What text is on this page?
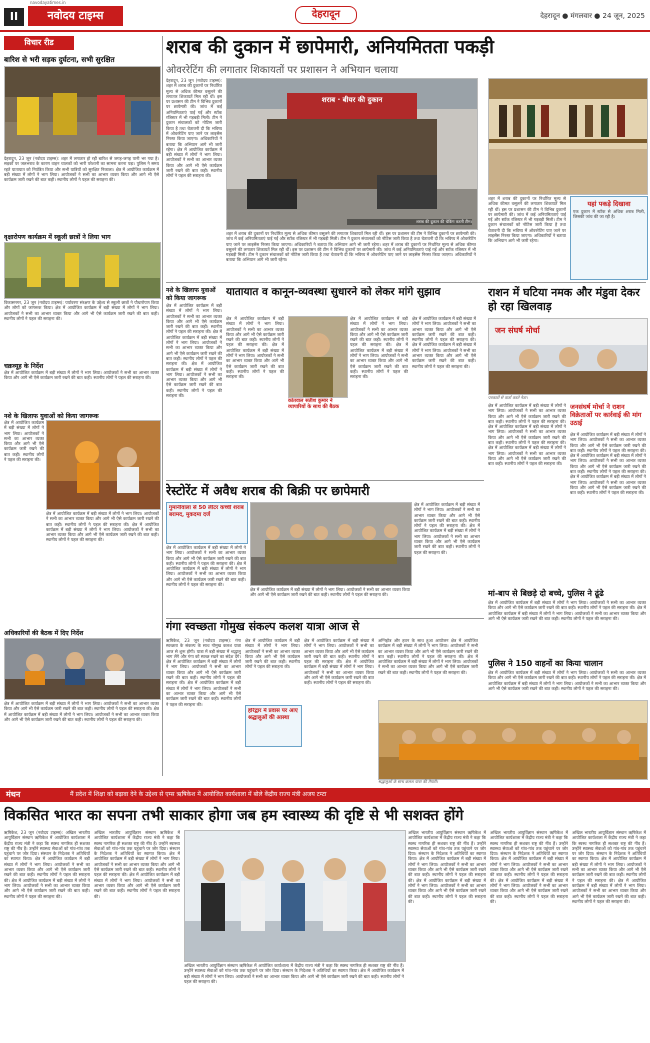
II	नवोदय टाइम्स
navodayatimes.in
देहरादून	देहरादून ● मंगलवार ● 24 जून, 2025
विचार रीड
बारिश से भरी सड़क दुर्घटना, सभी सुरक्षित
देहरादून, 23 जून (नवोदय टाइम्स): शहर में लगातार हो रही बारिश से जगह-जगह पानी भर गया है। सड़कों पर जलभराव के कारण वाहन चालकों को भारी परेशानी का सामना करना पड़ा। पुलिस ने समय रहते यातायात को नियंत्रित किया और सभी यात्रियों को सुरक्षित निकाला। क्षेत्र में आयोजित कार्यक्रम में बड़ी संख्या में लोगों ने भाग लिया। आयोजकों ने सभी का आभार व्यक्त किया और आगे भी ऐसे कार्यक्रम जारी रखने की बात कही। स्थानीय लोगों ने पहल की सराहना की।
वृक्षारोपण कार्यक्रम में स्कूली छात्रों ने लिया भाग
विकासनगर, 23 जून (नवोदय टाइम्स): पर्यावरण संरक्षण के उद्देश्य से स्कूली छात्रों ने पौधारोपण किया और लोगों को जागरूक किया। क्षेत्र में आयोजित कार्यक्रम में बड़ी संख्या में लोगों ने भाग लिया। आयोजकों ने सभी का आभार व्यक्त किया और आगे भी ऐसे कार्यक्रम जारी रखने की बात कही। स्थानीय लोगों ने पहल की सराहना की।
चक्रव्यूह के निर्देश
क्षेत्र में आयोजित कार्यक्रम में बड़ी संख्या में लोगों ने भाग लिया। आयोजकों ने सभी का आभार व्यक्त किया और आगे भी ऐसे कार्यक्रम जारी रखने की बात कही। स्थानीय लोगों ने पहल की सराहना की।
नशे के खिलाफ युवाओं को किया जागरूक
क्षेत्र में आयोजित कार्यक्रम में बड़ी संख्या में लोगों ने भाग लिया। आयोजकों ने सभी का आभार व्यक्त किया और आगे भी ऐसे कार्यक्रम जारी रखने की बात कही। स्थानीय लोगों ने पहल की सराहना की।
क्षेत्र में आयोजित कार्यक्रम में बड़ी संख्या में लोगों ने भाग लिया। आयोजकों ने सभी का आभार व्यक्त किया और आगे भी ऐसे कार्यक्रम जारी रखने की बात कही। स्थानीय लोगों ने पहल की सराहना की। क्षेत्र में आयोजित कार्यक्रम में बड़ी संख्या में लोगों ने भाग लिया। आयोजकों ने सभी का आभार व्यक्त किया और आगे भी ऐसे कार्यक्रम जारी रखने की बात कही। स्थानीय लोगों ने पहल की सराहना की।
अधिकारियों की बैठक में दिए निर्देश
क्षेत्र में आयोजित कार्यक्रम में बड़ी संख्या में लोगों ने भाग लिया। आयोजकों ने सभी का आभार व्यक्त किया और आगे भी ऐसे कार्यक्रम जारी रखने की बात कही। स्थानीय लोगों ने पहल की सराहना की। क्षेत्र में आयोजित कार्यक्रम में बड़ी संख्या में लोगों ने भाग लिया। आयोजकों ने सभी का आभार व्यक्त किया और आगे भी ऐसे कार्यक्रम जारी रखने की बात कही। स्थानीय लोगों ने पहल की सराहना की।
शराब की दुकान में छापेमारी, अनियमितता पकड़ी
ओवररेटिंग की लगातार शिकायतों पर प्रशासन ने अभियान चलाया
देहरादून, 23 जून (नवोदय टाइम्स): शहर में शराब की दुकानों पर निर्धारित मूल्य से अधिक कीमत वसूलने की लगातार शिकायतें मिल रही थीं। इस पर प्रशासन की टीम ने विभिन्न दुकानों पर छापेमारी की। जांच में कई अनियमितताएं पाई गईं और स्टॉक रजिस्टर में भी गड़बड़ी मिली। टीम ने दुकान संचालकों को नोटिस जारी किया है तथा चेतावनी दी कि भविष्य में ओवररेटिंग पाए जाने पर लाइसेंस निरस्त किया जाएगा। अधिकारियों ने बताया कि अभियान आगे भी जारी रहेगा। क्षेत्र में आयोजित कार्यक्रम में बड़ी संख्या में लोगों ने भाग लिया। आयोजकों ने सभी का आभार व्यक्त किया और आगे भी ऐसे कार्यक्रम जारी रखने की बात कही। स्थानीय लोगों ने पहल की सराहना की।
शराब · बीयर की दुकान
शराब की दुकान की चेकिंग करती टीम।
शहर में शराब की दुकानों पर निर्धारित मूल्य से अधिक कीमत वसूलने की लगातार शिकायतें मिल रही थीं। इस पर प्रशासन की टीम ने विभिन्न दुकानों पर छापेमारी की। जांच में कई अनियमितताएं पाई गईं और स्टॉक रजिस्टर में भी गड़बड़ी मिली। टीम ने दुकान संचालकों को नोटिस जारी किया है तथा चेतावनी दी कि भविष्य में ओवररेटिंग पाए जाने पर लाइसेंस निरस्त किया जाएगा। अधिकारियों ने बताया कि अभियान आगे भी जारी रहेगा। शहर में शराब की दुकानों पर निर्धारित मूल्य से अधिक कीमत वसूलने की लगातार शिकायतें मिल रही थीं। इस पर प्रशासन की टीम ने विभिन्न दुकानों पर छापेमारी की। जांच में कई अनियमितताएं पाई गईं और स्टॉक रजिस्टर में भी गड़बड़ी मिली। टीम ने दुकान संचालकों को नोटिस जारी किया है तथा चेतावनी दी कि भविष्य में ओवररेटिंग पाए जाने पर लाइसेंस निरस्त किया जाएगा। अधिकारियों ने बताया कि अभियान आगे भी जारी रहेगा।
शहर में शराब की दुकानों पर निर्धारित मूल्य से अधिक कीमत वसूलने की लगातार शिकायतें मिल रही थीं। इस पर प्रशासन की टीम ने विभिन्न दुकानों पर छापेमारी की। जांच में कई अनियमितताएं पाई गईं और स्टॉक रजिस्टर में भी गड़बड़ी मिली। टीम ने दुकान संचालकों को नोटिस जारी किया है तथा चेतावनी दी कि भविष्य में ओवररेटिंग पाए जाने पर लाइसेंस निरस्त किया जाएगा। अधिकारियों ने बताया कि अभियान आगे भी जारी रहेगा।
यहां पकड़े दिखावा
एक दुकान में स्टॉक से अधिक शराब मिली, जिसकी जांच की जा रही है।
नशे के खिलाफ युवाओं को किया जागरूक
क्षेत्र में आयोजित कार्यक्रम में बड़ी संख्या में लोगों ने भाग लिया। आयोजकों ने सभी का आभार व्यक्त किया और आगे भी ऐसे कार्यक्रम जारी रखने की बात कही। स्थानीय लोगों ने पहल की सराहना की। क्षेत्र में आयोजित कार्यक्रम में बड़ी संख्या में लोगों ने भाग लिया। आयोजकों ने सभी का आभार व्यक्त किया और आगे भी ऐसे कार्यक्रम जारी रखने की बात कही। स्थानीय लोगों ने पहल की सराहना की। क्षेत्र में आयोजित कार्यक्रम में बड़ी संख्या में लोगों ने भाग लिया। आयोजकों ने सभी का आभार व्यक्त किया और आगे भी ऐसे कार्यक्रम जारी रखने की बात कही। स्थानीय लोगों ने पहल की सराहना की।
यातायात व कानून-व्यवस्था सुधारने को लेकर मांगे सुझाव
क्षेत्र में आयोजित कार्यक्रम में बड़ी संख्या में लोगों ने भाग लिया। आयोजकों ने सभी का आभार व्यक्त किया और आगे भी ऐसे कार्यक्रम जारी रखने की बात कही। स्थानीय लोगों ने पहल की सराहना की। क्षेत्र में आयोजित कार्यक्रम में बड़ी संख्या में लोगों ने भाग लिया। आयोजकों ने सभी का आभार व्यक्त किया और आगे भी ऐसे कार्यक्रम जारी रखने की बात कही। स्थानीय लोगों ने पहल की सराहना की।
कोतवाल सतीश कुमार ने व्यापारियों के साथ की बैठक
क्षेत्र में आयोजित कार्यक्रम में बड़ी संख्या में लोगों ने भाग लिया। आयोजकों ने सभी का आभार व्यक्त किया और आगे भी ऐसे कार्यक्रम जारी रखने की बात कही। स्थानीय लोगों ने पहल की सराहना की। क्षेत्र में आयोजित कार्यक्रम में बड़ी संख्या में लोगों ने भाग लिया। आयोजकों ने सभी का आभार व्यक्त किया और आगे भी ऐसे कार्यक्रम जारी रखने की बात कही। स्थानीय लोगों ने पहल की सराहना की।
क्षेत्र में आयोजित कार्यक्रम में बड़ी संख्या में लोगों ने भाग लिया। आयोजकों ने सभी का आभार व्यक्त किया और आगे भी ऐसे कार्यक्रम जारी रखने की बात कही। स्थानीय लोगों ने पहल की सराहना की। क्षेत्र में आयोजित कार्यक्रम में बड़ी संख्या में लोगों ने भाग लिया। आयोजकों ने सभी का आभार व्यक्त किया और आगे भी ऐसे कार्यक्रम जारी रखने की बात कही। स्थानीय लोगों ने पहल की सराहना की।
राशन में घटिया नमक और मंडुवा देकर हो रहा खिलवाड़
जन संघर्ष मोर्चा
पत्रकारों से वार्ता करते नेता।
क्षेत्र में आयोजित कार्यक्रम में बड़ी संख्या में लोगों ने भाग लिया। आयोजकों ने सभी का आभार व्यक्त किया और आगे भी ऐसे कार्यक्रम जारी रखने की बात कही। स्थानीय लोगों ने पहल की सराहना की। क्षेत्र में आयोजित कार्यक्रम में बड़ी संख्या में लोगों ने भाग लिया। आयोजकों ने सभी का आभार व्यक्त किया और आगे भी ऐसे कार्यक्रम जारी रखने की बात कही। स्थानीय लोगों ने पहल की सराहना की। क्षेत्र में आयोजित कार्यक्रम में बड़ी संख्या में लोगों ने भाग लिया। आयोजकों ने सभी का आभार व्यक्त किया और आगे भी ऐसे कार्यक्रम जारी रखने की बात कही। स्थानीय लोगों ने पहल की सराहना की।
जनसंघर्ष मोर्चा ने राशन विक्रेताओं पर कार्रवाई की मांग उठाई
क्षेत्र में आयोजित कार्यक्रम में बड़ी संख्या में लोगों ने भाग लिया। आयोजकों ने सभी का आभार व्यक्त किया और आगे भी ऐसे कार्यक्रम जारी रखने की बात कही। स्थानीय लोगों ने पहल की सराहना की। क्षेत्र में आयोजित कार्यक्रम में बड़ी संख्या में लोगों ने भाग लिया। आयोजकों ने सभी का आभार व्यक्त किया और आगे भी ऐसे कार्यक्रम जारी रखने की बात कही। स्थानीय लोगों ने पहल की सराहना की। क्षेत्र में आयोजित कार्यक्रम में बड़ी संख्या में लोगों ने भाग लिया। आयोजकों ने सभी का आभार व्यक्त किया और आगे भी ऐसे कार्यक्रम जारी रखने की बात कही। स्थानीय लोगों ने पहल की सराहना की।
रेस्टोरेंट में अवैध शराब की बिक्री पर छापेमारी
गुमानीवाला से 50 लीटर कच्ची शराब बरामद, मुकदमा दर्ज
क्षेत्र में आयोजित कार्यक्रम में बड़ी संख्या में लोगों ने भाग लिया। आयोजकों ने सभी का आभार व्यक्त किया और आगे भी ऐसे कार्यक्रम जारी रखने की बात कही। स्थानीय लोगों ने पहल की सराहना की। क्षेत्र में आयोजित कार्यक्रम में बड़ी संख्या में लोगों ने भाग लिया। आयोजकों ने सभी का आभार व्यक्त किया और आगे भी ऐसे कार्यक्रम जारी रखने की बात कही। स्थानीय लोगों ने पहल की सराहना की।
क्षेत्र में आयोजित कार्यक्रम में बड़ी संख्या में लोगों ने भाग लिया। आयोजकों ने सभी का आभार व्यक्त किया और आगे भी ऐसे कार्यक्रम जारी रखने की बात कही। स्थानीय लोगों ने पहल की सराहना की।
क्षेत्र में आयोजित कार्यक्रम में बड़ी संख्या में लोगों ने भाग लिया। आयोजकों ने सभी का आभार व्यक्त किया और आगे भी ऐसे कार्यक्रम जारी रखने की बात कही। स्थानीय लोगों ने पहल की सराहना की। क्षेत्र में आयोजित कार्यक्रम में बड़ी संख्या में लोगों ने भाग लिया। आयोजकों ने सभी का आभार व्यक्त किया और आगे भी ऐसे कार्यक्रम जारी रखने की बात कही। स्थानीय लोगों ने पहल की सराहना की।
मां-बाप से बिछड़े दो बच्चे, पुलिस ने ढूंढे
क्षेत्र में आयोजित कार्यक्रम में बड़ी संख्या में लोगों ने भाग लिया। आयोजकों ने सभी का आभार व्यक्त किया और आगे भी ऐसे कार्यक्रम जारी रखने की बात कही। स्थानीय लोगों ने पहल की सराहना की। क्षेत्र में आयोजित कार्यक्रम में बड़ी संख्या में लोगों ने भाग लिया। आयोजकों ने सभी का आभार व्यक्त किया और आगे भी ऐसे कार्यक्रम जारी रखने की बात कही। स्थानीय लोगों ने पहल की सराहना की।
पुलिस ने 150 वाहनों का किया चालान
क्षेत्र में आयोजित कार्यक्रम में बड़ी संख्या में लोगों ने भाग लिया। आयोजकों ने सभी का आभार व्यक्त किया और आगे भी ऐसे कार्यक्रम जारी रखने की बात कही। स्थानीय लोगों ने पहल की सराहना की। क्षेत्र में आयोजित कार्यक्रम में बड़ी संख्या में लोगों ने भाग लिया। आयोजकों ने सभी का आभार व्यक्त किया और आगे भी ऐसे कार्यक्रम जारी रखने की बात कही। स्थानीय लोगों ने पहल की सराहना की।
गंगा स्वच्छता गोमुख संकल्प कलश यात्रा आज से
ऋषिकेश, 23 जून (नवोदय टाइम्स): गंगा स्वच्छता के संकल्प के साथ गोमुख कलश यात्रा आज से शुरू होगी। यात्रा में बड़ी संख्या में श्रद्धालु भाग लेंगे और गंगा को स्वच्छ रखने का संदेश देंगे। क्षेत्र में आयोजित कार्यक्रम में बड़ी संख्या में लोगों ने भाग लिया। आयोजकों ने सभी का आभार व्यक्त किया और आगे भी ऐसे कार्यक्रम जारी रखने की बात कही। स्थानीय लोगों ने पहल की सराहना की। क्षेत्र में आयोजित कार्यक्रम में बड़ी संख्या में लोगों ने भाग लिया। आयोजकों ने सभी का आभार व्यक्त किया और आगे भी ऐसे कार्यक्रम जारी रखने की बात कही। स्थानीय लोगों ने पहल की सराहना की।
हरिद्वार में प्रवास पर आए श्रद्धालुओं की आस्था
क्षेत्र में आयोजित कार्यक्रम में बड़ी संख्या में लोगों ने भाग लिया। आयोजकों ने सभी का आभार व्यक्त किया और आगे भी ऐसे कार्यक्रम जारी रखने की बात कही। स्थानीय लोगों ने पहल की सराहना की।
क्षेत्र में आयोजित कार्यक्रम में बड़ी संख्या में लोगों ने भाग लिया। आयोजकों ने सभी का आभार व्यक्त किया और आगे भी ऐसे कार्यक्रम जारी रखने की बात कही। स्थानीय लोगों ने पहल की सराहना की। क्षेत्र में आयोजित कार्यक्रम में बड़ी संख्या में लोगों ने भाग लिया। आयोजकों ने सभी का आभार व्यक्त किया और आगे भी ऐसे कार्यक्रम जारी रखने की बात कही। स्थानीय लोगों ने पहल की सराहना की।
अग्निहोत्र और हवन के साथ हुआ आयोजन क्षेत्र में आयोजित कार्यक्रम में बड़ी संख्या में लोगों ने भाग लिया। आयोजकों ने सभी का आभार व्यक्त किया और आगे भी ऐसे कार्यक्रम जारी रखने की बात कही। स्थानीय लोगों ने पहल की सराहना की। क्षेत्र में आयोजित कार्यक्रम में बड़ी संख्या में लोगों ने भाग लिया। आयोजकों ने सभी का आभार व्यक्त किया और आगे भी ऐसे कार्यक्रम जारी रखने की बात कही। स्थानीय लोगों ने पहल की सराहना की।
श्रद्धालुओं के साथ कलश यात्रा की तैयारी।
मंथन	मैं प्रदेश में शिक्षा को बढ़ावा देने के उद्देश्य से एम्स ऋषिकेश में आयोजित कार्यशाला में बोले केंद्रीय राज्य मंत्री अजय टम्टा
विकसित भारत का सपना तभी साकार होगा जब हम स्वास्थ्य की दृष्टि से भी सशक्त होंगे
ऋषिकेश, 23 जून (नवोदय टाइम्स): अखिल भारतीय आयुर्विज्ञान संस्थान ऋषिकेश में आयोजित कार्यशाला में केंद्रीय राज्य मंत्री ने कहा कि स्वस्थ नागरिक ही सशक्त राष्ट्र की नींव हैं। उन्होंने स्वास्थ्य सेवाओं को गांव-गांव तक पहुंचाने पर जोर दिया। संस्थान के निदेशक ने अतिथियों का स्वागत किया। क्षेत्र में आयोजित कार्यक्रम में बड़ी संख्या में लोगों ने भाग लिया। आयोजकों ने सभी का आभार व्यक्त किया और आगे भी ऐसे कार्यक्रम जारी रखने की बात कही। स्थानीय लोगों ने पहल की सराहना की। क्षेत्र में आयोजित कार्यक्रम में बड़ी संख्या में लोगों ने भाग लिया। आयोजकों ने सभी का आभार व्यक्त किया और आगे भी ऐसे कार्यक्रम जारी रखने की बात कही। स्थानीय लोगों ने पहल की सराहना की।
अखिल भारतीय आयुर्विज्ञान संस्थान ऋषिकेश में आयोजित कार्यशाला में केंद्रीय राज्य मंत्री ने कहा कि स्वस्थ नागरिक ही सशक्त राष्ट्र की नींव हैं। उन्होंने स्वास्थ्य सेवाओं को गांव-गांव तक पहुंचाने पर जोर दिया। संस्थान के निदेशक ने अतिथियों का स्वागत किया। क्षेत्र में आयोजित कार्यक्रम में बड़ी संख्या में लोगों ने भाग लिया। आयोजकों ने सभी का आभार व्यक्त किया और आगे भी ऐसे कार्यक्रम जारी रखने की बात कही। स्थानीय लोगों ने पहल की सराहना की। क्षेत्र में आयोजित कार्यक्रम में बड़ी संख्या में लोगों ने भाग लिया। आयोजकों ने सभी का आभार व्यक्त किया और आगे भी ऐसे कार्यक्रम जारी रखने की बात कही। स्थानीय लोगों ने पहल की सराहना की।
अखिल भारतीय आयुर्विज्ञान संस्थान ऋषिकेश में आयोजित कार्यशाला में केंद्रीय राज्य मंत्री ने कहा कि स्वस्थ नागरिक ही सशक्त राष्ट्र की नींव हैं। उन्होंने स्वास्थ्य सेवाओं को गांव-गांव तक पहुंचाने पर जोर दिया। संस्थान के निदेशक ने अतिथियों का स्वागत किया। क्षेत्र में आयोजित कार्यक्रम में बड़ी संख्या में लोगों ने भाग लिया। आयोजकों ने सभी का आभार व्यक्त किया और आगे भी ऐसे कार्यक्रम जारी रखने की बात कही। स्थानीय लोगों ने पहल की सराहना की।
अखिल भारतीय आयुर्विज्ञान संस्थान ऋषिकेश में आयोजित कार्यशाला में केंद्रीय राज्य मंत्री ने कहा कि स्वस्थ नागरिक ही सशक्त राष्ट्र की नींव हैं। उन्होंने स्वास्थ्य सेवाओं को गांव-गांव तक पहुंचाने पर जोर दिया। संस्थान के निदेशक ने अतिथियों का स्वागत किया। क्षेत्र में आयोजित कार्यक्रम में बड़ी संख्या में लोगों ने भाग लिया। आयोजकों ने सभी का आभार व्यक्त किया और आगे भी ऐसे कार्यक्रम जारी रखने की बात कही। स्थानीय लोगों ने पहल की सराहना की। क्षेत्र में आयोजित कार्यक्रम में बड़ी संख्या में लोगों ने भाग लिया। आयोजकों ने सभी का आभार व्यक्त किया और आगे भी ऐसे कार्यक्रम जारी रखने की बात कही। स्थानीय लोगों ने पहल की सराहना की।
अखिल भारतीय आयुर्विज्ञान संस्थान ऋषिकेश में आयोजित कार्यशाला में केंद्रीय राज्य मंत्री ने कहा कि स्वस्थ नागरिक ही सशक्त राष्ट्र की नींव हैं। उन्होंने स्वास्थ्य सेवाओं को गांव-गांव तक पहुंचाने पर जोर दिया। संस्थान के निदेशक ने अतिथियों का स्वागत किया। क्षेत्र में आयोजित कार्यक्रम में बड़ी संख्या में लोगों ने भाग लिया। आयोजकों ने सभी का आभार व्यक्त किया और आगे भी ऐसे कार्यक्रम जारी रखने की बात कही। स्थानीय लोगों ने पहल की सराहना की। क्षेत्र में आयोजित कार्यक्रम में बड़ी संख्या में लोगों ने भाग लिया। आयोजकों ने सभी का आभार व्यक्त किया और आगे भी ऐसे कार्यक्रम जारी रखने की बात कही। स्थानीय लोगों ने पहल की सराहना की।
अखिल भारतीय आयुर्विज्ञान संस्थान ऋषिकेश में आयोजित कार्यशाला में केंद्रीय राज्य मंत्री ने कहा कि स्वस्थ नागरिक ही सशक्त राष्ट्र की नींव हैं। उन्होंने स्वास्थ्य सेवाओं को गांव-गांव तक पहुंचाने पर जोर दिया। संस्थान के निदेशक ने अतिथियों का स्वागत किया। क्षेत्र में आयोजित कार्यक्रम में बड़ी संख्या में लोगों ने भाग लिया। आयोजकों ने सभी का आभार व्यक्त किया और आगे भी ऐसे कार्यक्रम जारी रखने की बात कही। स्थानीय लोगों ने पहल की सराहना की। क्षेत्र में आयोजित कार्यक्रम में बड़ी संख्या में लोगों ने भाग लिया। आयोजकों ने सभी का आभार व्यक्त किया और आगे भी ऐसे कार्यक्रम जारी रखने की बात कही। स्थानीय लोगों ने पहल की सराहना की।
